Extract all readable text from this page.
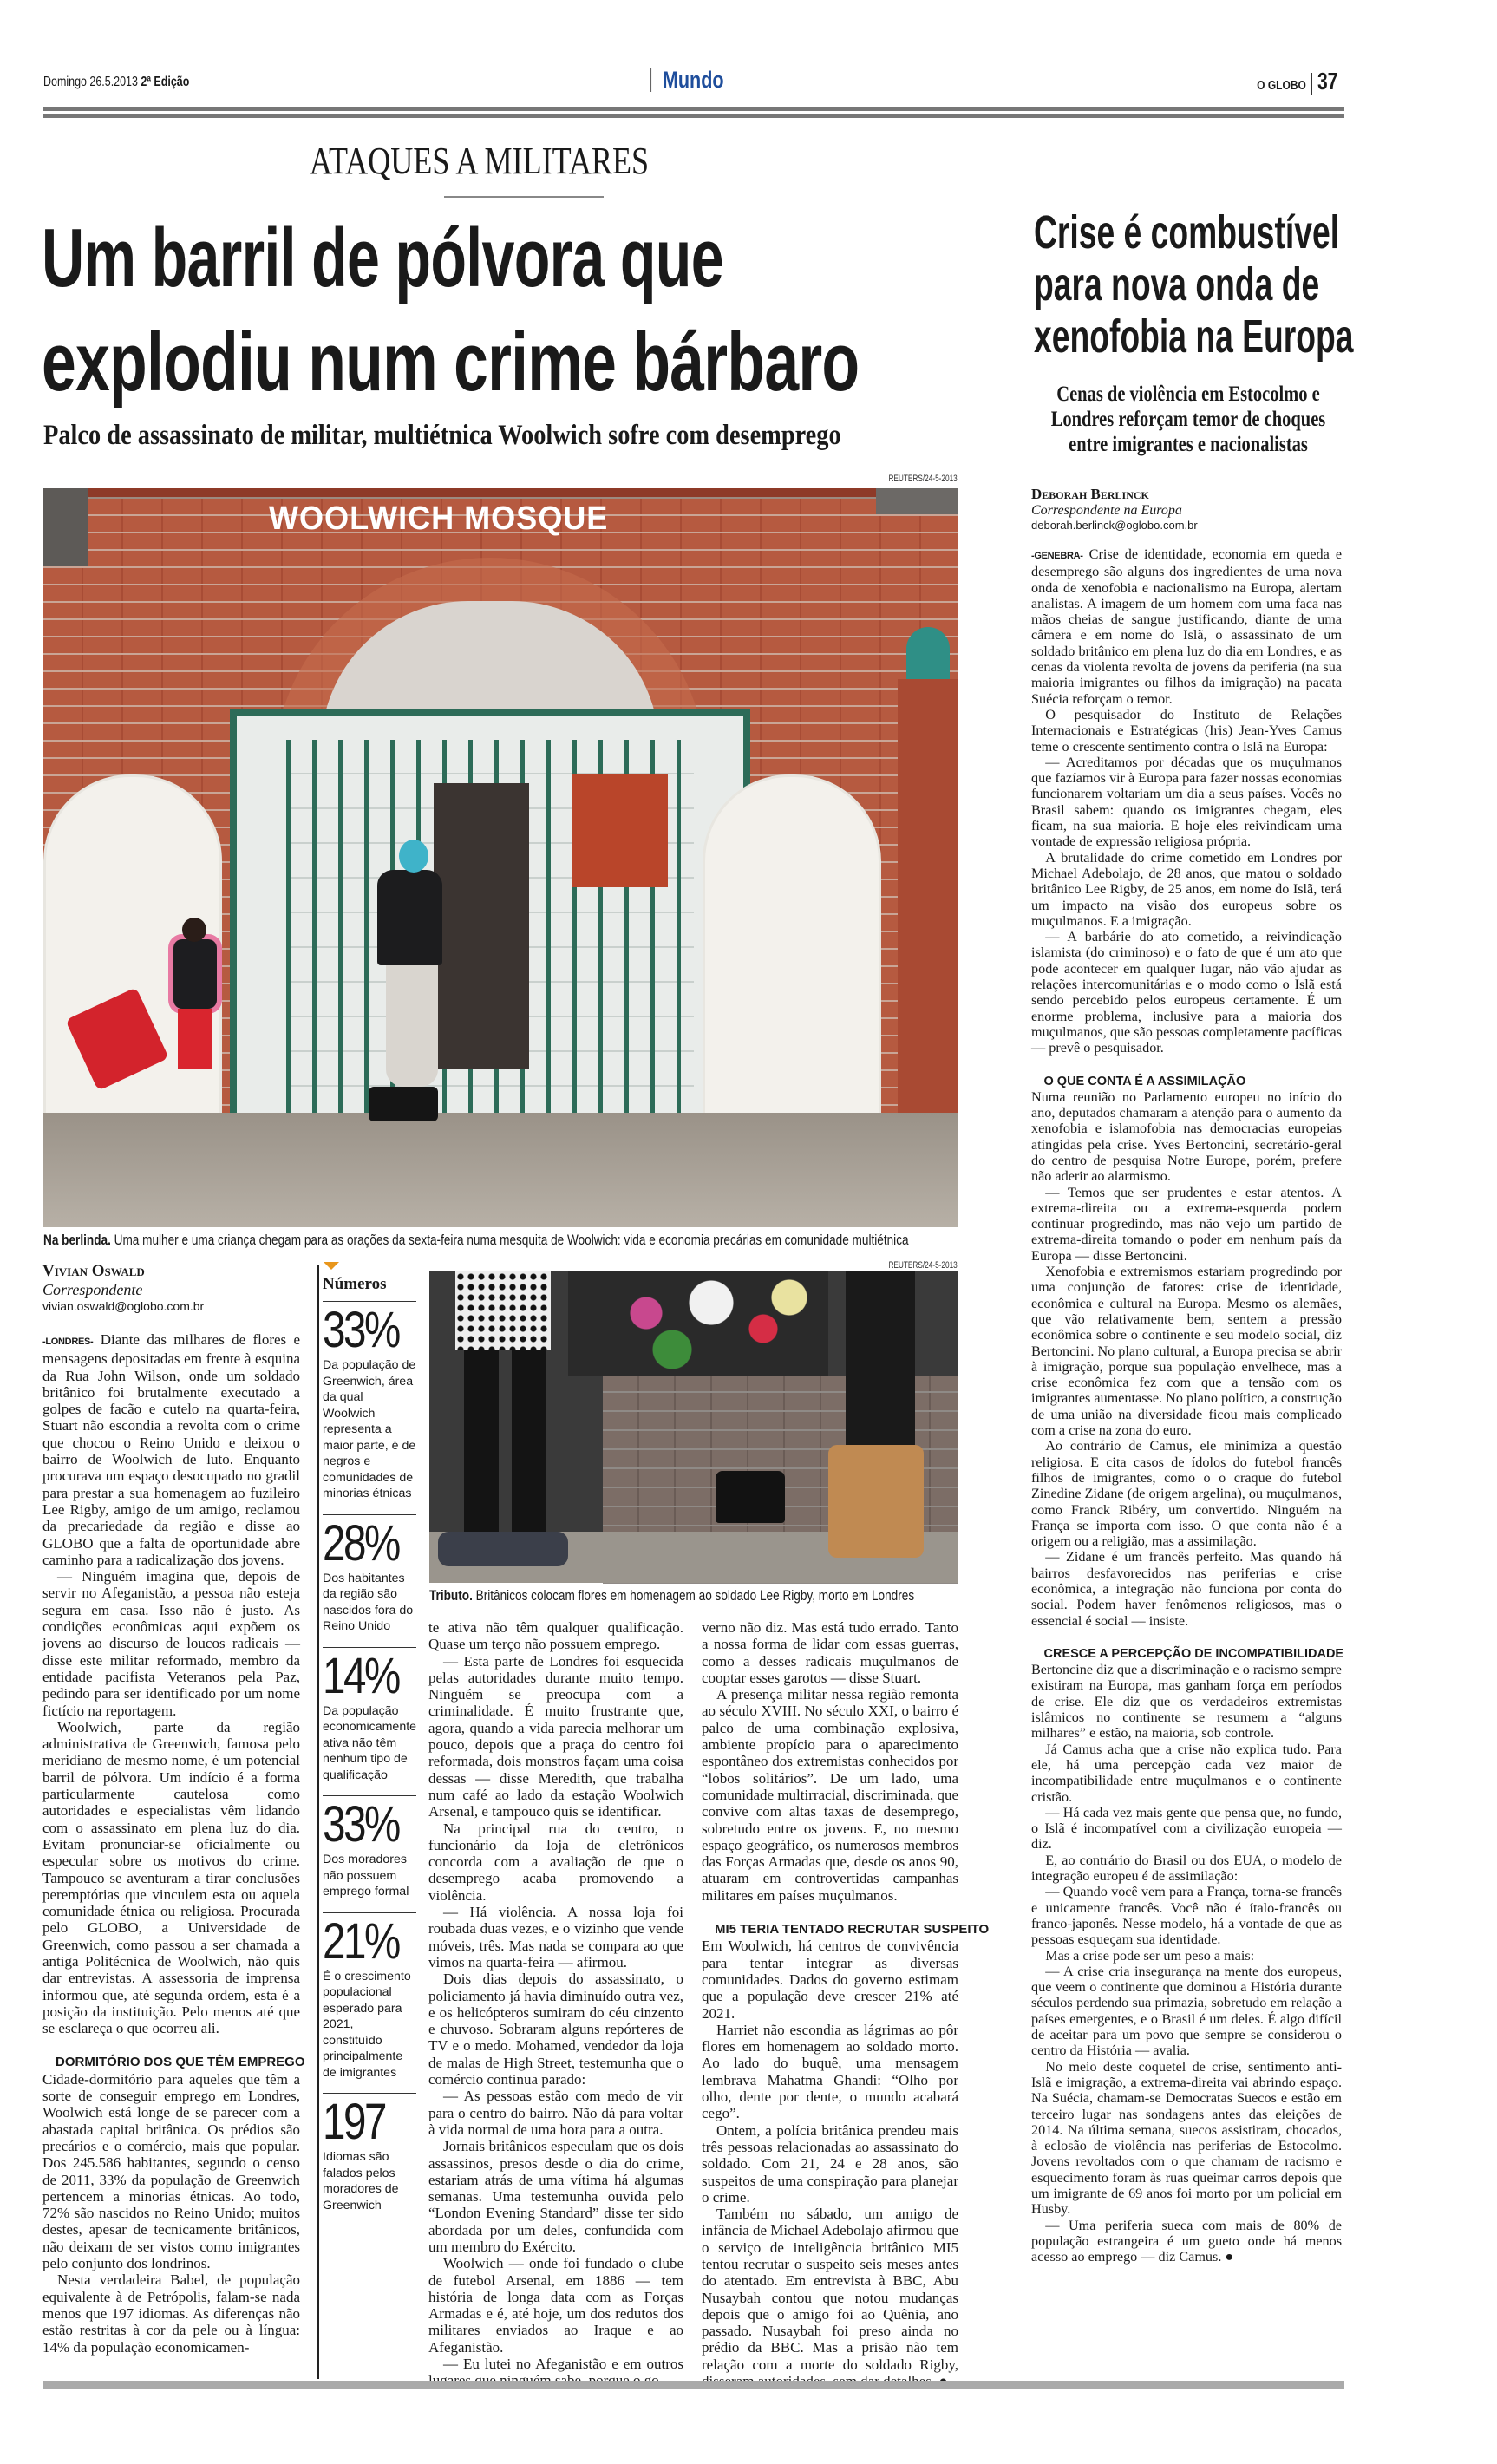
Domingo 26.5.2013 2ª Edição	Mundo	O GLOBO 37
ATAQUES A MILITARES
Um barril de pólvora que
explodiu num crime bárbaro
Palco de assassinato de militar, multiétnica Woolwich sofre com desemprego
REUTERS/24-5-2013
WOOLWICH MOSQUE
Na berlinda. Uma mulher e uma criança chegam para as orações da sexta-feira numa mesquita de Woolwich: vida e economia precárias em comunidade multiétnica
Vivian Oswald
Correspondente
vivian.oswald@oglobo.com.br

-LONDRES- Diante das milhares de flores e mensagens depositadas em frente à esquina da Rua John Wilson, onde um soldado britânico foi brutalmente executado a golpes de facão e cutelo na quarta-feira, Stuart não escondia a revolta com o crime que chocou o Reino Unido e deixou o bairro de Woolwich de luto. Enquanto procurava um espaço desocupado no gradil para prestar a sua homenagem ao fuzileiro Lee Rigby, amigo de um amigo, reclamou da precariedade da região e disse ao GLOBO que a falta de oportunidade abre caminho para a radicalização dos jovens.

— Ninguém imagina que, depois de servir no Afeganistão, a pessoa não esteja segura em casa. Isso não é justo. As condições econômicas aqui expõem os jovens ao discurso de loucos radicais — disse este militar reformado, membro da entidade pacifista Veteranos pela Paz, pedindo para ser identificado por um nome fictício na reportagem.

Woolwich, parte da região administrativa de Greenwich, famosa pelo meridiano de mesmo nome, é um potencial barril de pólvora. Um indício é a forma particularmente cautelosa como autoridades e especialistas vêm lidando com o assassinato em plena luz do dia. Evitam pronunciar-se oficialmente ou especular sobre os motivos do crime. Tampouco se aventuram a tirar conclusões peremptórias que vinculem esta ou aquela comunidade étnica ou religiosa. Procurada pelo GLOBO, a Universidade de Greenwich, como passou a ser chamada a antiga Politécnica de Woolwich, não quis dar entrevistas. A assessoria de imprensa informou que, até segunda ordem, esta é a posição da instituição. Pelo menos até que se esclareça o que ocorreu ali.

DORMITÓRIO DOS QUE TÊM EMPREGO

Cidade-dormitório para aqueles que têm a sorte de conseguir emprego em Londres, Woolwich está longe de se parecer com a abastada capital britânica. Os prédios são precários e o comércio, mais que popular. Dos 245.586 habitantes, segundo o censo de 2011, 33% da população de Greenwich pertencem a minorias étnicas. Ao todo, 72% são nascidos no Reino Unido; muitos destes, apesar de tecnicamente britânicos, não deixam de ser vistos como imigrantes pelo conjunto dos londrinos.

Nesta verdadeira Babel, de população equivalente à de Petrópolis, falam-se nada menos que 197 idiomas. As diferenças não estão restritas à cor da pele ou à língua: 14% da população economicamen-

Números
33%
Da população de Greenwich, área da qual Woolwich representa a maior parte, é de negros e comunidades de minorias étnicas
28%
Dos habitantes da região são nascidos fora do Reino Unido
14%
Da população economicamente ativa não têm nenhum tipo de qualificação
33%
Dos moradores não possuem emprego formal
21%
É o crescimento populacional esperado para 2021, constituído principalmente de imigrantes
197
Idiomas são falados pelos moradores de Greenwich
REUTERS/24-5-2013
Tributo. Britânicos colocam flores em homenagem ao soldado Lee Rigby, morto em Londres

te ativa não têm qualquer qualificação. Quase um terço não possuem emprego.

— Esta parte de Londres foi esquecida pelas autoridades durante muito tempo. Ninguém se preocupa com a criminalidade. É muito frustrante que, agora, quando a vida parecia melhorar um pouco, depois que a praça do centro foi reformada, dois monstros façam uma coisa dessas — disse Meredith, que trabalha num café ao lado da estação Woolwich Arsenal, e tampouco quis se identificar.

Na principal rua do centro, o funcionário da loja de eletrônicos concorda com a avaliação de que o desemprego acaba promovendo a violência.

— Há violência. A nossa loja foi roubada duas vezes, e o vizinho que vende móveis, três. Mas nada se compara ao que vimos na quarta-feira — afirmou.

Dois dias depois do assassinato, o policiamento já havia diminuído outra vez, e os helicópteros sumiram do céu cinzento e chuvoso. Sobraram alguns repórteres de TV e o medo. Mohamed, vendedor da loja de malas de High Street, testemunha que o comércio continua parado:

— As pessoas estão com medo de vir para o centro do bairro. Não dá para voltar à vida normal de uma hora para a outra.

Jornais britânicos especulam que os dois assassinos, presos desde o dia do crime, estariam atrás de uma vítima há algumas semanas. Uma testemunha ouvida pelo “London Evening Standard” disse ter sido abordada por um deles, confundida com um membro do Exército.

Woolwich — onde foi fundado o clube de futebol Arsenal, em 1886 — tem história de longa data com as Forças Armadas e é, até hoje, um dos redutos dos militares enviados ao Iraque e ao Afeganistão.

— Eu lutei no Afeganistão e em outros

verno não diz. Mas está tudo errado. Tanto a nossa forma de lidar com essas guerras, como a desses radicais muçulmanos de cooptar esses garotos — disse Stuart.

A presença militar nessa região remonta ao século XVIII. No século XXI, o bairro é palco de uma combinação explosiva, ambiente propício para o aparecimento espontâneo dos extremistas conhecidos por “lobos solitários”. De um lado, uma comunidade multirracial, discriminada, que convive com altas taxas de desemprego, sobretudo entre os jovens. E, no mesmo espaço geográfico, os numerosos membros das Forças Armadas que, desde os anos 90, atuaram em controvertidas campanhas militares em países muçulmanos.

MI5 TERIA TENTADO RECRUTAR SUSPEITO

Em Woolwich, há centros de convivência para tentar integrar as diversas comunidades. Dados do governo estimam que a população deve crescer 21% até 2021.

Harriet não escondia as lágrimas ao pôr flores em homenagem ao soldado morto. Ao lado do buquê, uma mensagem lembrava Mahatma Ghandi: “Olho por olho, dente por dente, o mundo acabará cego”.

Ontem, a polícia britânica prendeu mais três pessoas relacionadas ao assassinato do soldado. Com 21, 24 e 28 anos, são suspeitos de uma conspiração para planejar o crime.

Também no sábado, um amigo de infância de Michael Adebolajo afirmou que o serviço de inteligência britânico MI5 tentou recrutar o suspeito seis meses antes do atentado. Em entrevista à BBC, Abu Nusaybah contou que notou mudanças depois que o amigo foi ao Quênia, ano passado. Nusaybah foi preso ainda no prédio da BBC. Mas a prisão não tem relação com a morte do soldado Rigby,

Crise é combustível
para nova onda de
xenofobia na Europa
Cenas de violência em Estocolmo e
Londres reforçam temor de choques
entre imigrantes e nacionalistas
Deborah Berlinck
Correspondente na Europa
deborah.berlinck@oglobo.com.br

-GENEBRA- Crise de identidade, economia em queda e desemprego são alguns dos ingredientes de uma nova onda de xenofobia e nacionalismo na Europa, alertam analistas. A imagem de um homem com uma faca nas mãos cheias de sangue justificando, diante de uma câmera e em nome do Islã, o assassinato de um soldado britânico em plena luz do dia em Londres, e as cenas da violenta revolta de jovens da periferia (na sua maioria imigrantes ou filhos da imigração) na pacata Suécia reforçam o temor.

O pesquisador do Instituto de Relações Internacionais e Estratégicas (Iris) Jean-Yves Camus teme o crescente sentimento contra o Islã na Europa:

— Acreditamos por décadas que os muçulmanos que fazíamos vir à Europa para fazer nossas economias funcionarem voltariam um dia a seus países. Vocês no Brasil sabem: quando os imigrantes chegam, eles ficam, na sua maioria. E hoje eles reivindicam uma vontade de expressão religiosa própria.

A brutalidade do crime cometido em Londres por Michael Adebolajo, de 28 anos, que matou o soldado britânico Lee Rigby, de 25 anos, em nome do Islã, terá um impacto na visão dos europeus sobre os muçulmanos. E a imigração.

— A barbárie do ato cometido, a reivindicação islamista (do criminoso) e o fato de que é um ato que pode acontecer em qualquer lugar, não vão ajudar as relações intercomunitárias e o modo como o Islã está sendo percebido pelos europeus certamente. É um enorme problema, inclusive para a maioria dos muçulmanos, que são pessoas completamente pacíficas — prevê o pesquisador.

O QUE CONTA É A ASSIMILAÇÃO

Numa reunião no Parlamento europeu no início do ano, deputados chamaram a atenção para o aumento da xenofobia e islamofobia nas democracias europeias atingidas pela crise. Yves Bertoncini, secretário-geral do centro de pesquisa Notre Europe, porém, prefere não aderir ao alarmismo.

— Temos que ser prudentes e estar atentos. A extrema-direita ou a extrema-esquerda podem continuar progredindo, mas não vejo um partido de extrema-direita tomando o poder em nenhum país da Europa — disse Bertoncini.

Xenofobia e extremismos estariam progredindo por uma conjunção de fatores: crise de identidade, econômica e cultural na Europa. Mesmo os alemães, que vão relativamente bem, sentem a pressão econômica sobre o continente e seu modelo social, diz Bertoncini. No plano cultural, a Europa precisa se abrir à imigração, porque sua população envelhece, mas a crise econômica fez com que a tensão com os imigrantes aumentasse. No plano político, a construção de uma união na diversidade ficou mais complicado com a crise na zona do euro.

Ao contrário de Camus, ele minimiza a questão religiosa. E cita casos de ídolos do futebol francês filhos de imigrantes, como o o craque do futebol Zinedine Zidane (de origem argelina), ou muçulmanos, como Franck Ribéry, um convertido. Ninguém na França se importa com isso. O que conta não é a origem ou a religião, mas a assimilação.

— Zidane é um francês perfeito. Mas quando há bairros desfavorecidos nas periferias e crise econômica, a integração não funciona por conta do social. Podem haver fenômenos religiosos, mas o essencial é social — insiste.

CRESCE A PERCEPÇÃO DE INCOMPATIBILIDADE

Bertoncine diz que a discriminação e o racismo sempre existiram na Europa, mas ganham força em períodos de crise. Ele diz que os verdadeiros extremistas islâmicos no continente se resumem a “alguns milhares” e estão, na maioria, sob controle.

Já Camus acha que a crise não explica tudo. Para ele, há uma percepção cada vez maior de incompatibilidade entre muçulmanos e o continente cristão.

— Há cada vez mais gente que pensa que, no fundo, o Islã é incompatível com a civilização europeia — diz.

E, ao contrário do Brasil ou dos EUA, o modelo de integração europeu é de assimilação:

— Quando você vem para a França, torna-se francês e unicamente francês. Você não é ítalo-francês ou franco-japonês. Nesse modelo, há a vontade de que as pessoas esqueçam sua identidade.

Mas a crise pode ser um peso a mais:

— A crise cria insegurança na mente dos europeus, que veem o continente que dominou a História durante séculos perdendo sua primazia, sobretudo em relação a países emergentes, e o Brasil é um deles. É algo difícil de aceitar para um povo que sempre se considerou o centro da História — avalia.

No meio deste coquetel de crise, sentimento anti-Islã e imigração, a extrema-direita vai abrindo espaço. Na Suécia, chamam-se Democratas Suecos e estão em terceiro lugar nas sondagens antes das eleições de 2014. Na última semana, suecos assistiram, chocados, à eclosão de violência nas periferias de Estocolmo. Jovens revoltados com o que chamam de racismo e esquecimento foram às ruas queimar carros depois que um imigrante de 69 anos foi morto por um policial em Husby.

— Uma periferia sueca com mais de 80% de população estrangeira é um gueto onde há menos acesso ao emprego — diz Camus. ●
